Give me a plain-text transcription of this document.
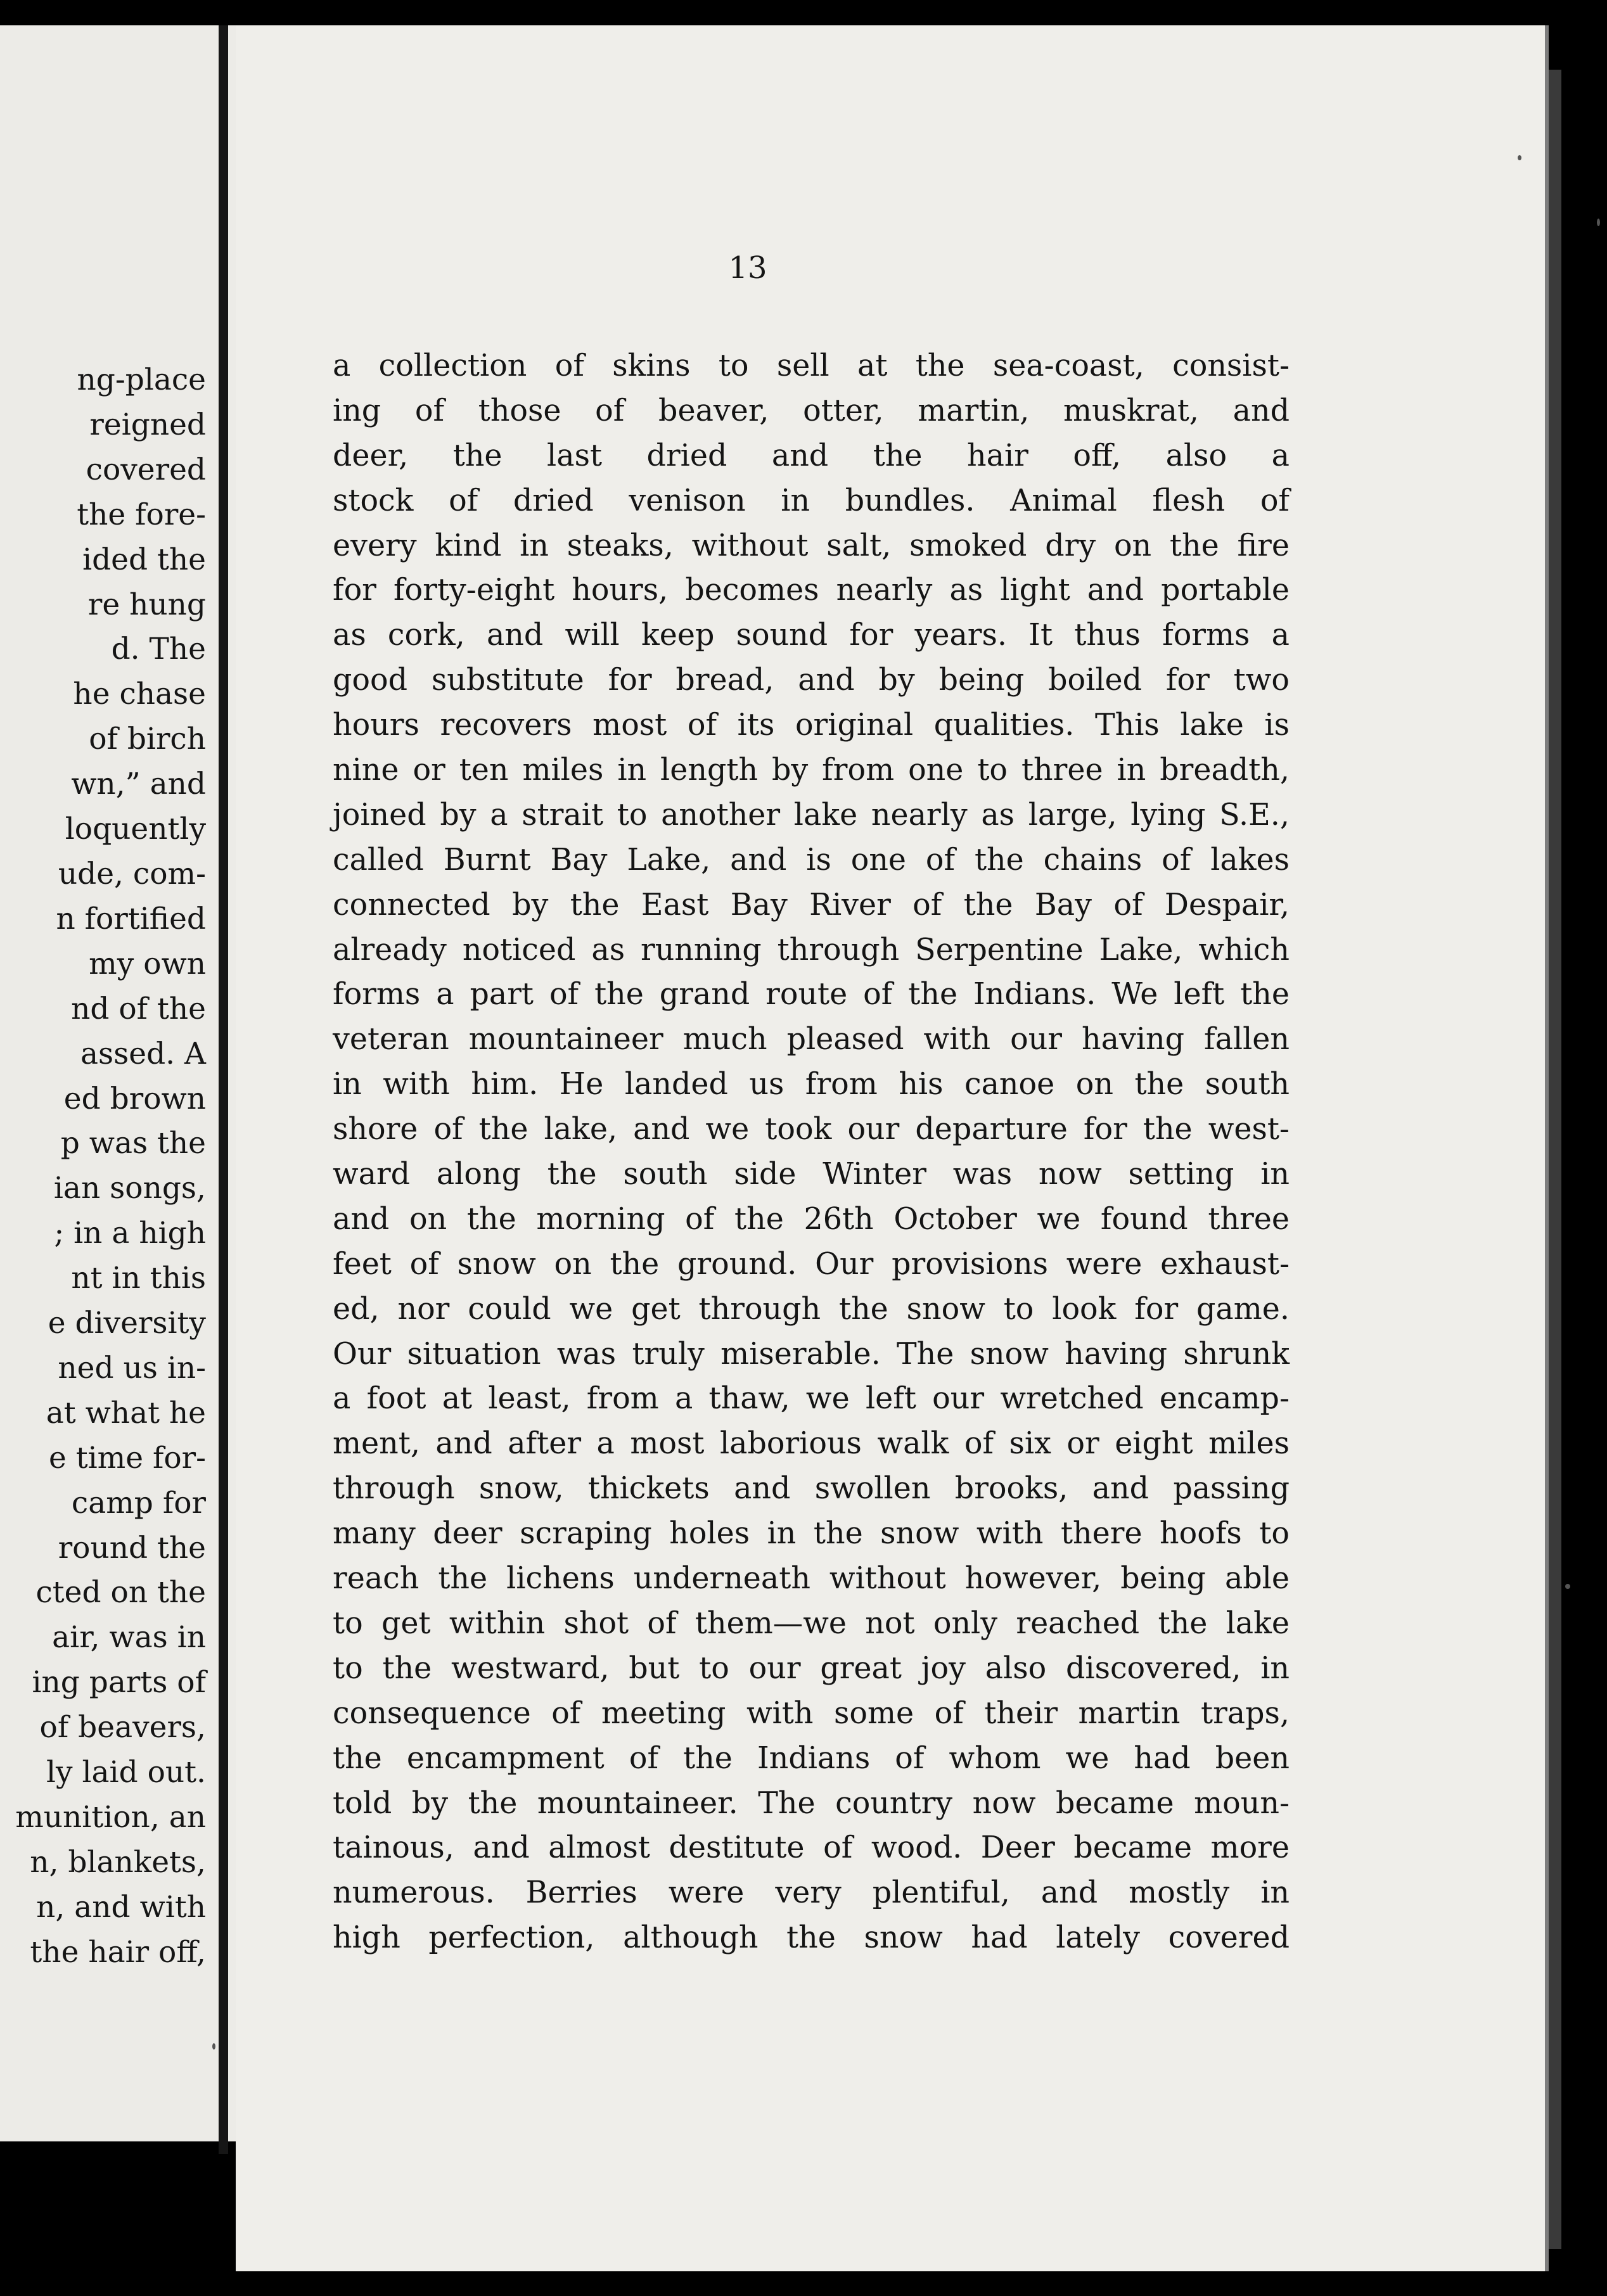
ng-place
reigned
covered
the fore-
ided the
re hung
d. The
he chase
of birch
wn,” and
loquently
ude, com-
n fortified
my own
nd of the
assed. A
ed brown
p was the
ian songs,
; in a high
nt in this
e diversity
ned us in-
at what he
e time for-
camp for
round the
cted on the
air, was in
ing parts of
of beavers,
ly laid out.
munition, an
n, blankets,
n, and with
the hair off,
13
a collection of skins to sell at the sea-coast, consist-
ing of those of beaver, otter, martin, muskrat, and
deer, the last dried and the hair off, also a
stock of dried venison in bundles. Animal flesh of
every kind in steaks, without salt, smoked dry on the fire
for forty-eight hours, becomes nearly as light and portable
as cork, and will keep sound for years. It thus forms a
good substitute for bread, and by being boiled for two
hours recovers most of its original qualities. This lake is
nine or ten miles in length by from one to three in breadth,
joined by a strait to another lake nearly as large, lying S.E.,
called Burnt Bay Lake, and is one of the chains of lakes
connected by the East Bay River of the Bay of Despair,
already noticed as running through Serpentine Lake, which
forms a part of the grand route of the Indians. We left the
veteran mountaineer much pleased with our having fallen
in with him. He landed us from his canoe on the south
shore of the lake, and we took our departure for the west-
ward along the south side Winter was now setting in
and on the morning of the 26th October we found three
feet of snow on the ground. Our provisions were exhaust-
ed, nor could we get through the snow to look for game.
Our situation was truly miserable. The snow having shrunk
a foot at least, from a thaw, we left our wretched encamp-
ment, and after a most laborious walk of six or eight miles
through snow, thickets and swollen brooks, and passing
many deer scraping holes in the snow with there hoofs to
reach the lichens underneath without however, being able
to get within shot of them—we not only reached the lake
to the westward, but to our great joy also discovered, in
consequence of meeting with some of their martin traps,
the encampment of the Indians of whom we had been
told by the mountaineer. The country now became moun-
tainous, and almost destitute of wood. Deer became more
numerous. Berries were very plentiful, and mostly in
high perfection, although the snow had lately covered
